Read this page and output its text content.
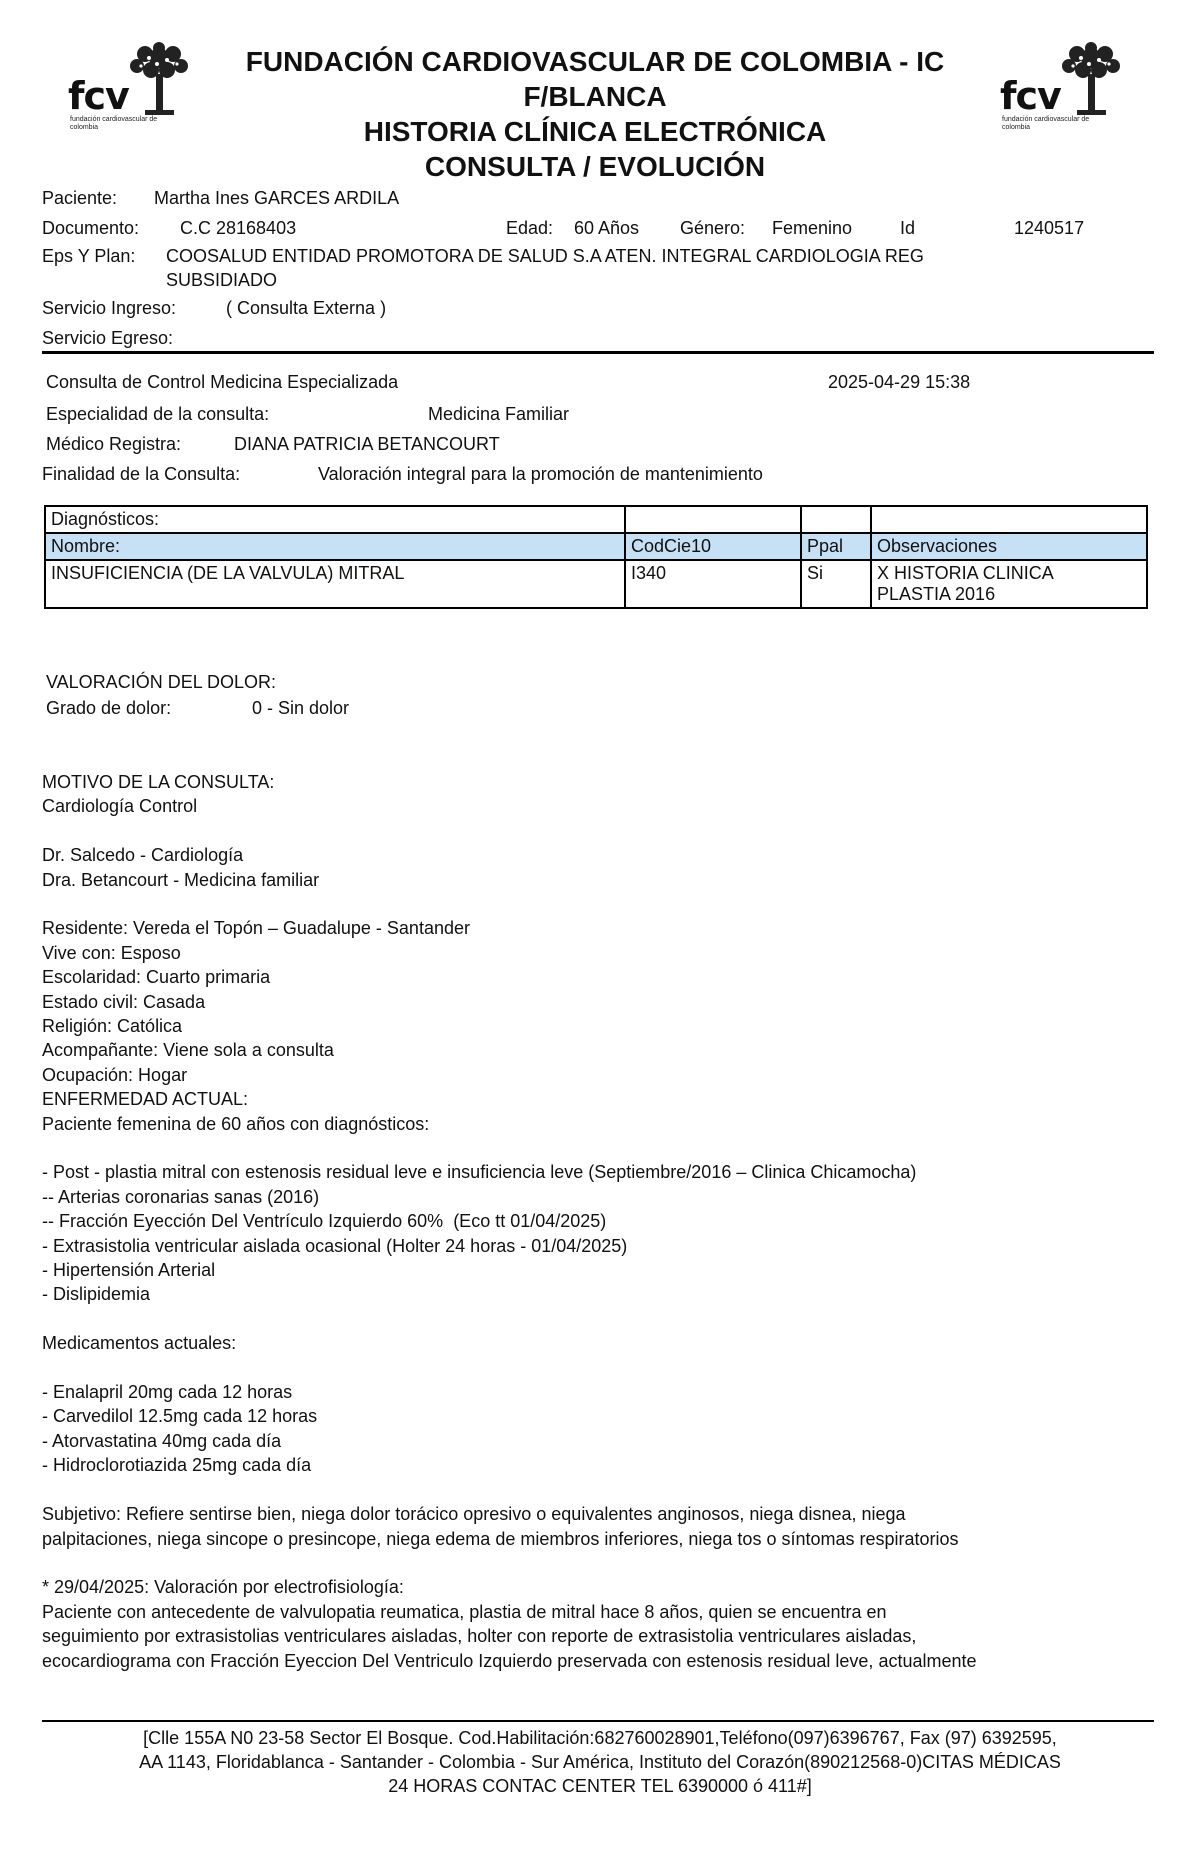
fcv
fundación cardiovascular de colombia
fcv
fundación cardiovascular de colombia
FUNDACIÓN CARDIOVASCULAR DE COLOMBIA - IC
F/BLANCA
HISTORIA CLÍNICA ELECTRÓNICA
CONSULTA / EVOLUCIÓN
Paciente: Martha Ines GARCES ARDILA
Documento: C.C 28168403	Edad: 60 Años Género: Femenino	Id	1240517
Eps Y Plan: COOSALUD ENTIDAD PROMOTORA DE SALUD S.A ATEN. INTEGRAL CARDIOLOGIA REG
SUBSIDIADO
Servicio Ingreso:	( Consulta Externa )
Servicio Egreso:
Consulta de Control Medicina Especializada	2025-04-29 15:38
Especialidad de la consulta:	Medicina Familiar
Médico Registra:	DIANA PATRICIA BETANCOURT
Finalidad de la Consulta:	Valoración integral para la promoción de mantenimiento
Diagnósticos:			
Nombre:	CodCie10	Ppal	Observaciones
INSUFICIENCIA (DE LA VALVULA) MITRAL	I340	Si	X HISTORIA CLINICA
PLASTIA 2016
VALORACIÓN DEL DOLOR:
Grado de dolor:	0 - Sin dolor
MOTIVO DE LA CONSULTA:
Cardiología Control
Dr. Salcedo - Cardiología
Dra. Betancourt - Medicina familiar
Residente: Vereda el Topón – Guadalupe - Santander
Vive con: Esposo
Escolaridad: Cuarto primaria
Estado civil: Casada
Religión: Católica
Acompañante: Viene sola a consulta
Ocupación: Hogar
ENFERMEDAD ACTUAL:
Paciente femenina de 60 años con diagnósticos:
- Post - plastia mitral con estenosis residual leve e insuficiencia leve (Septiembre/2016 – Clinica Chicamocha)
-- Arterias coronarias sanas (2016)
-- Fracción Eyección Del Ventrículo Izquierdo 60%  (Eco tt 01/04/2025)
- Extrasistolia ventricular aislada ocasional (Holter 24 horas - 01/04/2025)
- Hipertensión Arterial
- Dislipidemia
Medicamentos actuales:
- Enalapril 20mg cada 12 horas
- Carvedilol 12.5mg cada 12 horas
- Atorvastatina 40mg cada día
- Hidroclorotiazida 25mg cada día
Subjetivo: Refiere sentirse bien, niega dolor torácico opresivo o equivalentes anginosos, niega disnea, niega
palpitaciones, niega sincope o presincope, niega edema de miembros inferiores, niega tos o síntomas respiratorios
* 29/04/2025: Valoración por electrofisiología:
Paciente con antecedente de valvulopatia reumatica, plastia de mitral hace 8 años, quien se encuentra en
seguimiento por extrasistolias ventriculares aisladas, holter con reporte de extrasistolia ventriculares aisladas,
ecocardiograma con Fracción Eyeccion Del Ventriculo Izquierdo preservada con estenosis residual leve, actualmente
[Clle 155A N0 23-58 Sector El Bosque. Cod.Habilitación:682760028901,Teléfono(097)6396767, Fax (97) 6392595,
AA 1143, Floridablanca - Santander - Colombia - Sur América, Instituto del Corazón(890212568-0)CITAS MÉDICAS
24 HORAS CONTAC CENTER TEL 6390000 ó 411#]
